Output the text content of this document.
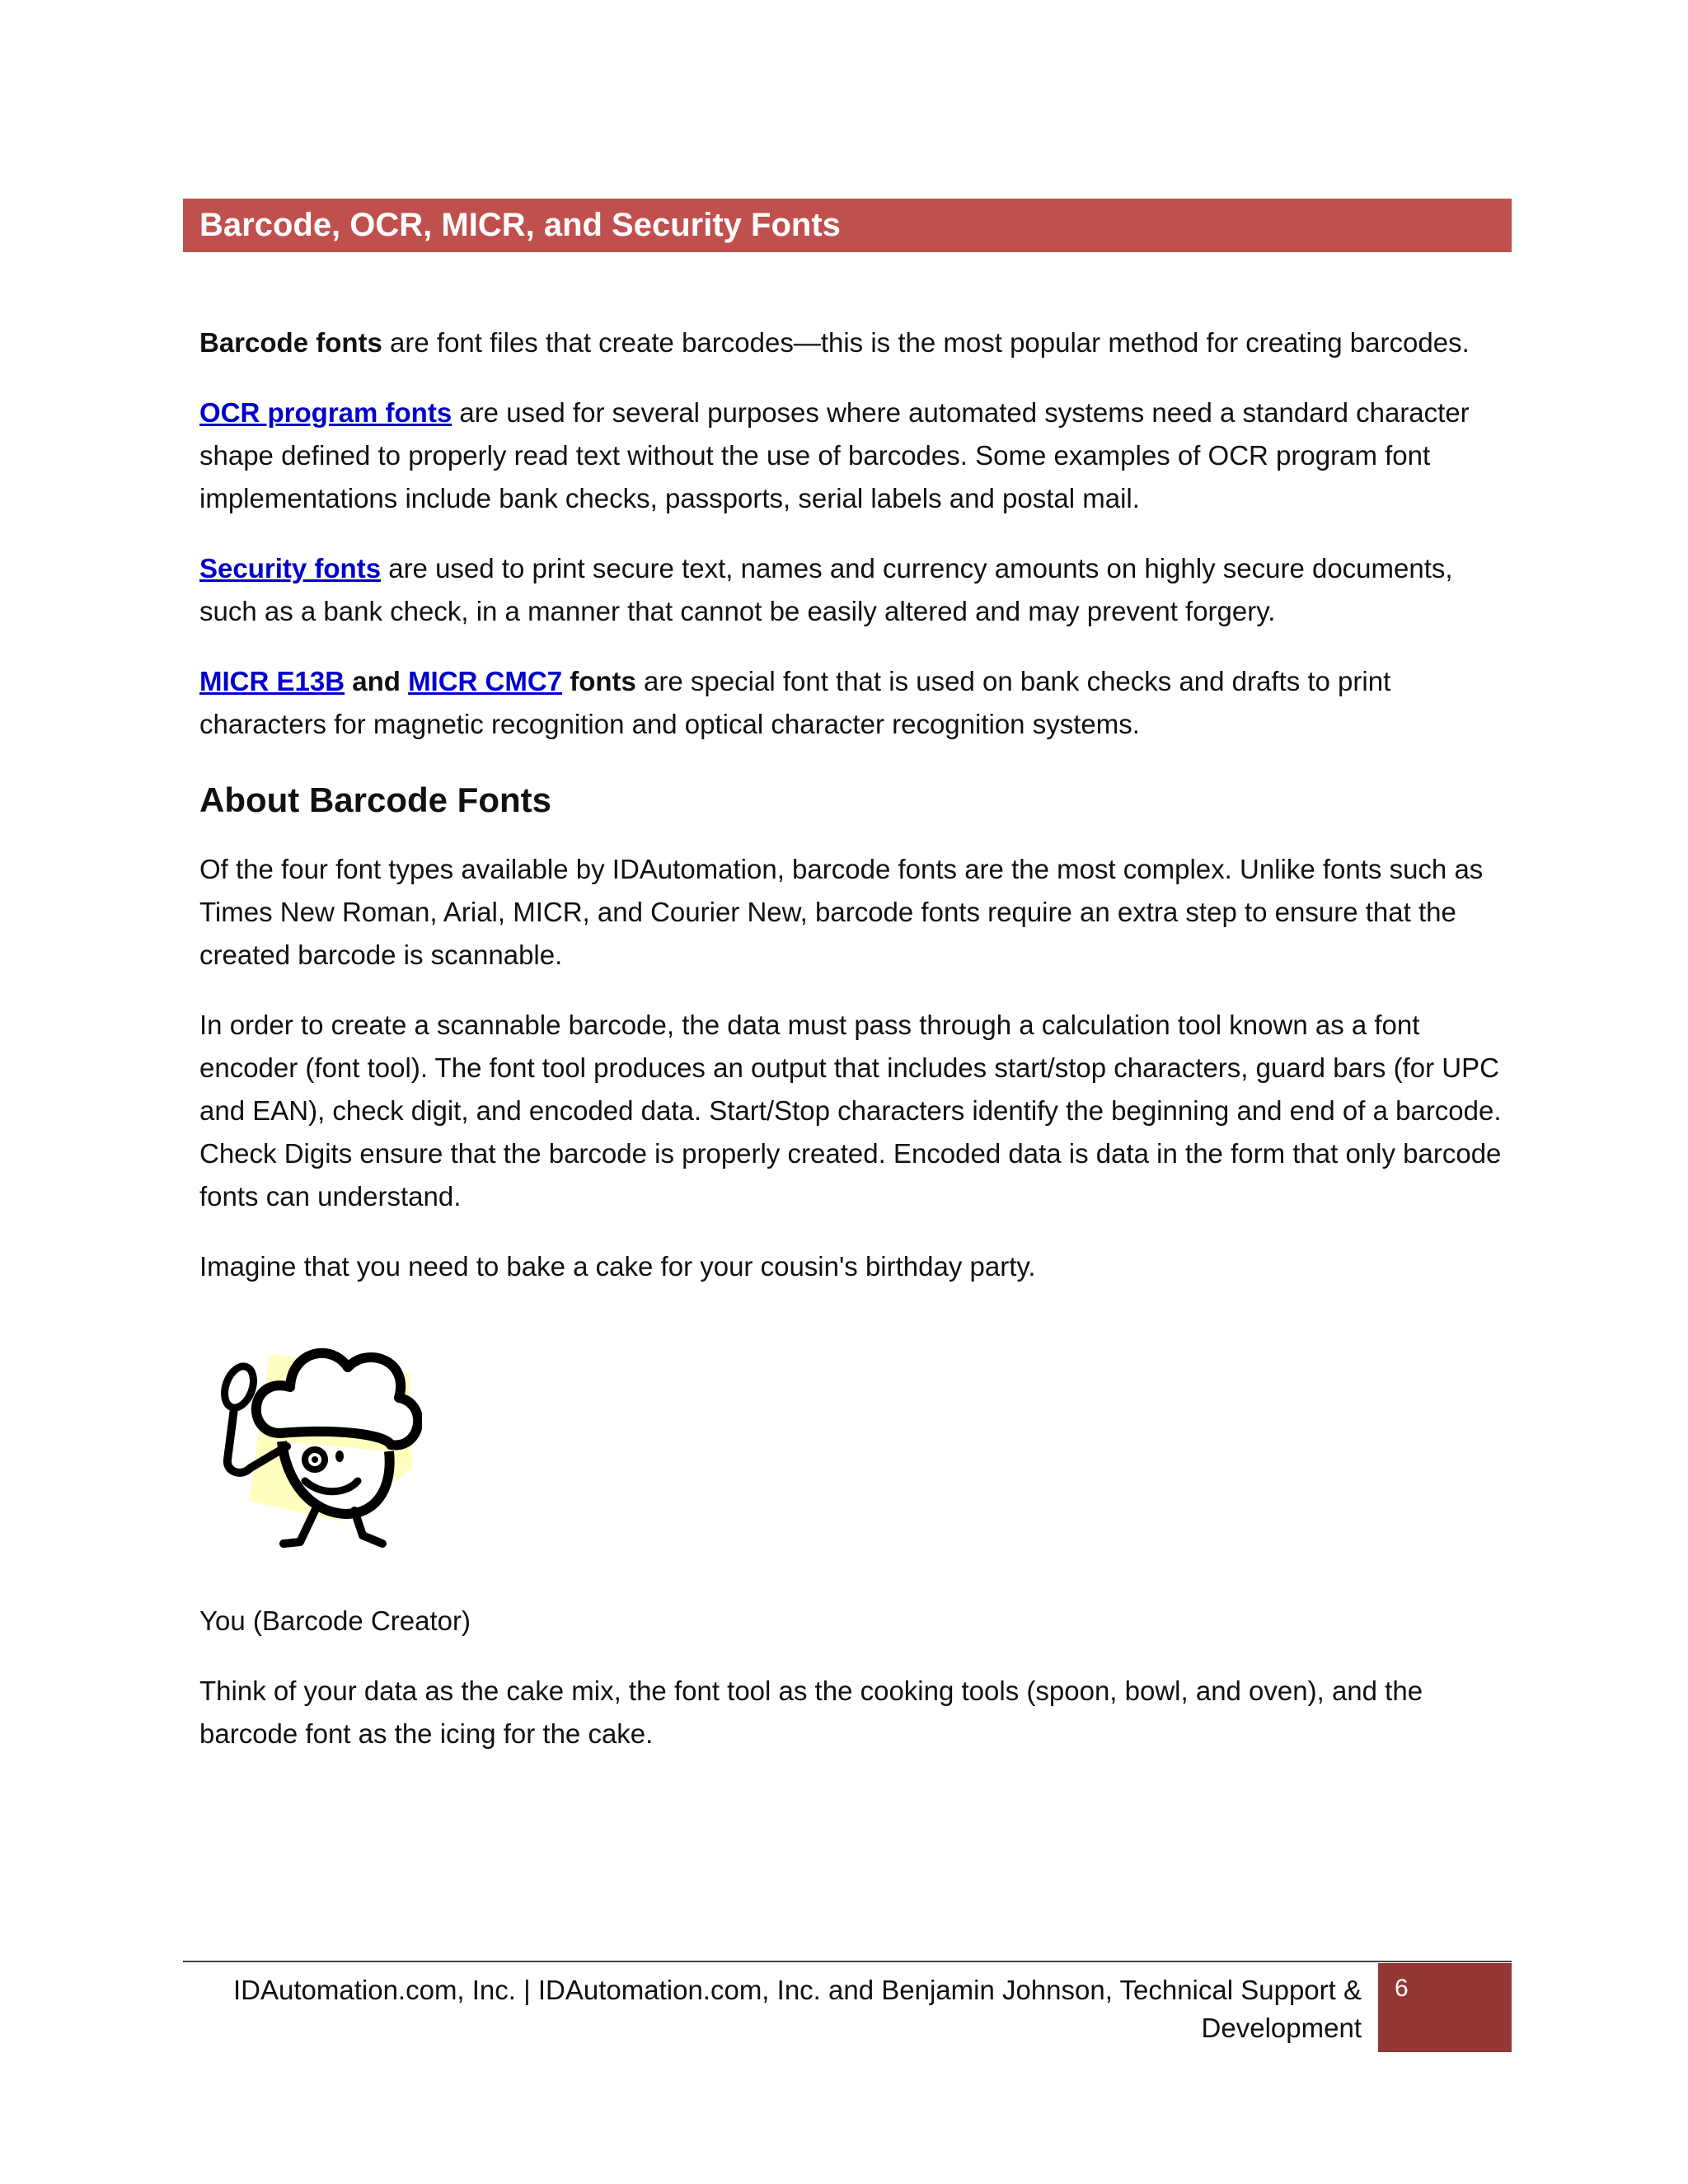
Barcode, OCR, MICR, and Security Fonts

Barcode fonts are font files that create barcodes—this is the most popular method for creating barcodes.

OCR program fonts are used for several purposes where automated systems need a standard character shape defined to properly read text without the use of barcodes. Some examples of OCR program font implementations include bank checks, passports, serial labels and postal mail.

Security fonts are used to print secure text, names and currency amounts on highly secure documents, such as a bank check, in a manner that cannot be easily altered and may prevent forgery.

MICR E13B and MICR CMC7 fonts are special font that is used on bank checks and drafts to print characters for magnetic recognition and optical character recognition systems.

About Barcode Fonts

Of the four font types available by IDAutomation, barcode fonts are the most complex. Unlike fonts such as Times New Roman, Arial, MICR, and Courier New, barcode fonts require an extra step to ensure that the created barcode is scannable.

In order to create a scannable barcode, the data must pass through a calculation tool known as a font encoder (font tool). The font tool produces an output that includes start/stop characters, guard bars (for UPC and EAN), check digit, and encoded data. Start/Stop characters identify the beginning and end of a barcode. Check Digits ensure that the barcode is properly created. Encoded data is data in the form that only barcode fonts can understand.

Imagine that you need to bake a cake for your cousin's birthday party.

You (Barcode Creator)

Think of your data as the cake mix, the font tool as the cooking tools (spoon, bowl, and oven), and the barcode font as the icing for the cake.

IDAutomation.com, Inc. | IDAutomation.com, Inc. and Benjamin Johnson, Technical Support & Development
6
